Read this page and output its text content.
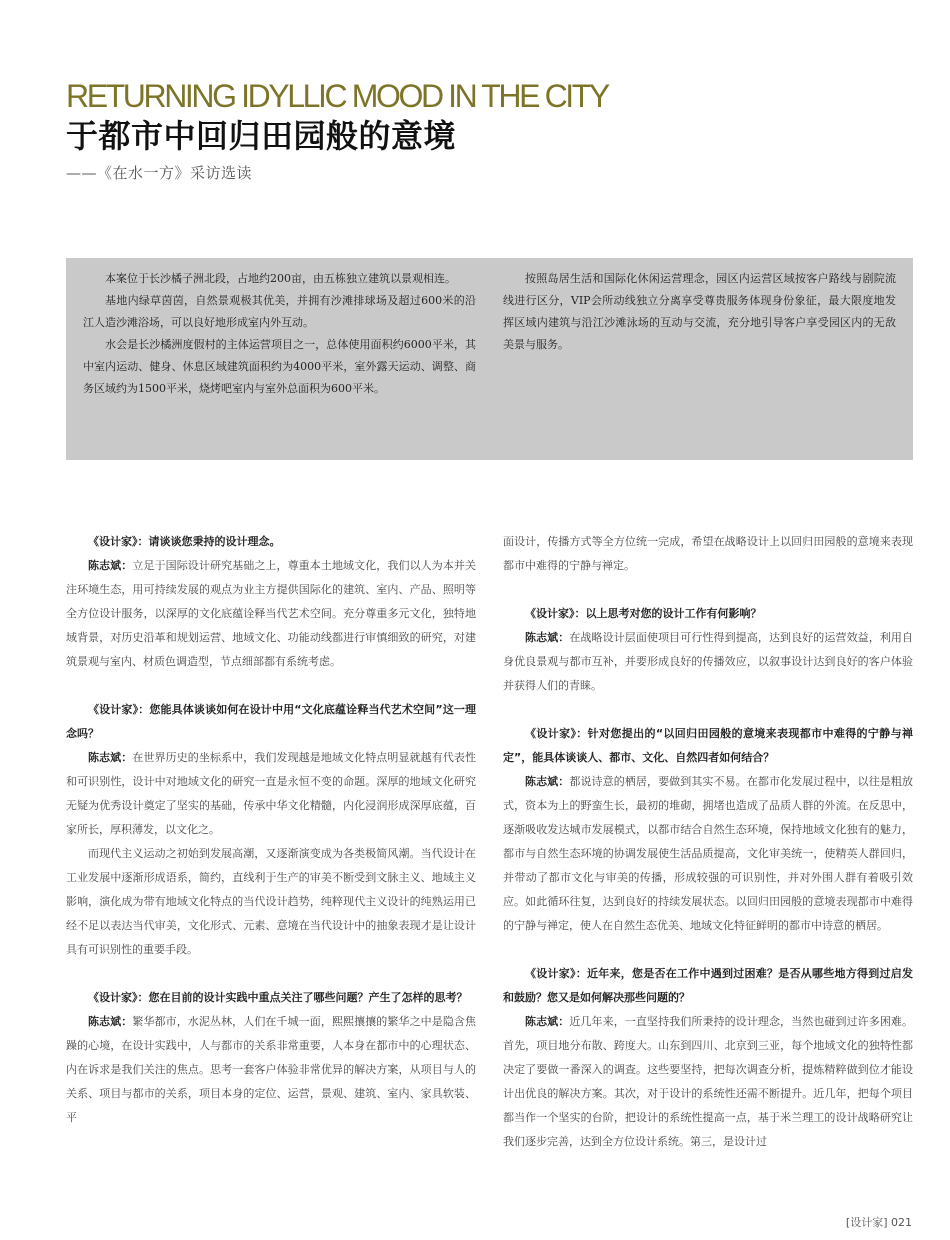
RETURNING IDYLLIC MOOD IN THE CITY
于都市中回归田园般的意境
——《在水一方》采访选读

本案位于长沙橘子洲北段，占地约200亩，由五栋独立建筑以景观相连。

基地内绿草茵茵，自然景观极其优美，并拥有沙滩排球场及超过600米的沿江人造沙滩浴场，可以良好地形成室内外互动。

水会是长沙橘洲度假村的主体运营项目之一，总体使用面积约6000平米，其中室内运动、健身、休息区域建筑面积约为4000平米，室外露天运动、调整、商务区域约为1500平米，烧烤吧室内与室外总面积为600平米。

按照岛居生活和国际化休闲运营理念，园区内运营区域按客户路线与剧院流线进行区分，VIP会所动线独立分离享受尊贵服务体现身份象征，最大限度地发挥区域内建筑与沿江沙滩泳场的互动与交流，充分地引导客户享受园区内的无敌美景与服务。

《设计家》：请谈谈您秉持的设计理念。

陈志斌：立足于国际设计研究基础之上，尊重本土地域文化，我们以人为本并关注环境生态，用可持续发展的观点为业主方提供国际化的建筑、室内、产品、照明等全方位设计服务，以深厚的文化底蕴诠释当代艺术空间。充分尊重多元文化，独特地域背景，对历史沿革和规划运营、地域文化、功能动线都进行审慎细致的研究，对建筑景观与室内、材质色调造型，节点细部都有系统考虑。

《设计家》：您能具体谈谈如何在设计中用“文化底蕴诠释当代艺术空间”这一理念吗？

陈志斌：在世界历史的坐标系中，我们发现越是地域文化特点明显就越有代表性和可识别性，设计中对地域文化的研究一直是永恒不变的命题。深厚的地域文化研究无疑为优秀设计奠定了坚实的基础，传承中华文化精髓，内化浸润形成深厚底蕴，百家所长，厚积薄发，以文化之。

而现代主义运动之初始到发展高潮，又逐渐演变成为各类极简风潮。当代设计在工业发展中逐渐形成语系，简约，直线利于生产的审美不断受到文脉主义、地域主义影响，演化成为带有地域文化特点的当代设计趋势，纯粹现代主义设计的纯熟运用已经不足以表达当代审美，文化形式、元素、意境在当代设计中的抽象表现才是让设计具有可识别性的重要手段。

《设计家》：您在目前的设计实践中重点关注了哪些问题？产生了怎样的思考？

陈志斌：繁华都市，水泥丛林，人们在千城一面，熙熙攘攘的繁华之中是隐含焦躁的心境，在设计实践中，人与都市的关系非常重要，人本身在都市中的心理状态、内在诉求是我们关注的焦点。思考一套客户体验非常优异的解决方案，从项目与人的关系、项目与都市的关系，项目本身的定位、运营，景观、建筑、室内、家具软装、平

面设计，传播方式等全方位统一完成，希望在战略设计上以回归田园般的意境来表现都市中难得的宁静与禅定。

《设计家》：以上思考对您的设计工作有何影响？

陈志斌：在战略设计层面使项目可行性得到提高，达到良好的运营效益，利用自身优良景观与都市互补，并要形成良好的传播效应，以叙事设计达到良好的客户体验并获得人们的青睐。

《设计家》：针对您提出的“以回归田园般的意境来表现都市中难得的宁静与禅定”，能具体谈谈人、都市、文化、自然四者如何结合？

陈志斌：都说诗意的栖居，要做到其实不易。在都市化发展过程中，以往是粗放式，资本为上的野蛮生长，最初的堆砌，拥堵也造成了品质人群的外流。在反思中，逐渐吸收发达城市发展模式，以都市结合自然生态环境，保持地域文化独有的魅力，都市与自然生态环境的协调发展使生活品质提高，文化审美统一，使精英人群回归，并带动了都市文化与审美的传播，形成较强的可识别性，并对外围人群有着吸引效应。如此循环往复，达到良好的持续发展状态。以回归田园般的意境表现都市中难得的宁静与禅定，使人在自然生态优美、地域文化特征鲜明的都市中诗意的栖居。

《设计家》：近年来，您是否在工作中遇到过困难？是否从哪些地方得到过启发和鼓励？您又是如何解决那些问题的？

陈志斌：近几年来，一直坚持我们所秉持的设计理念，当然也碰到过许多困难。首先，项目地分布散、跨度大。山东到四川、北京到三亚，每个地域文化的独特性都决定了要做一番深入的调查。这些要坚持，把每次调查分析，提炼精粹做到位才能设计出优良的解决方案。其次，对于设计的系统性还需不断提升。近几年，把每个项目都当作一个坚实的台阶，把设计的系统性提高一点，基于米兰理工的设计战略研究让我们逐步完善，达到全方位设计系统。第三，是设计过

[设计家] 021
